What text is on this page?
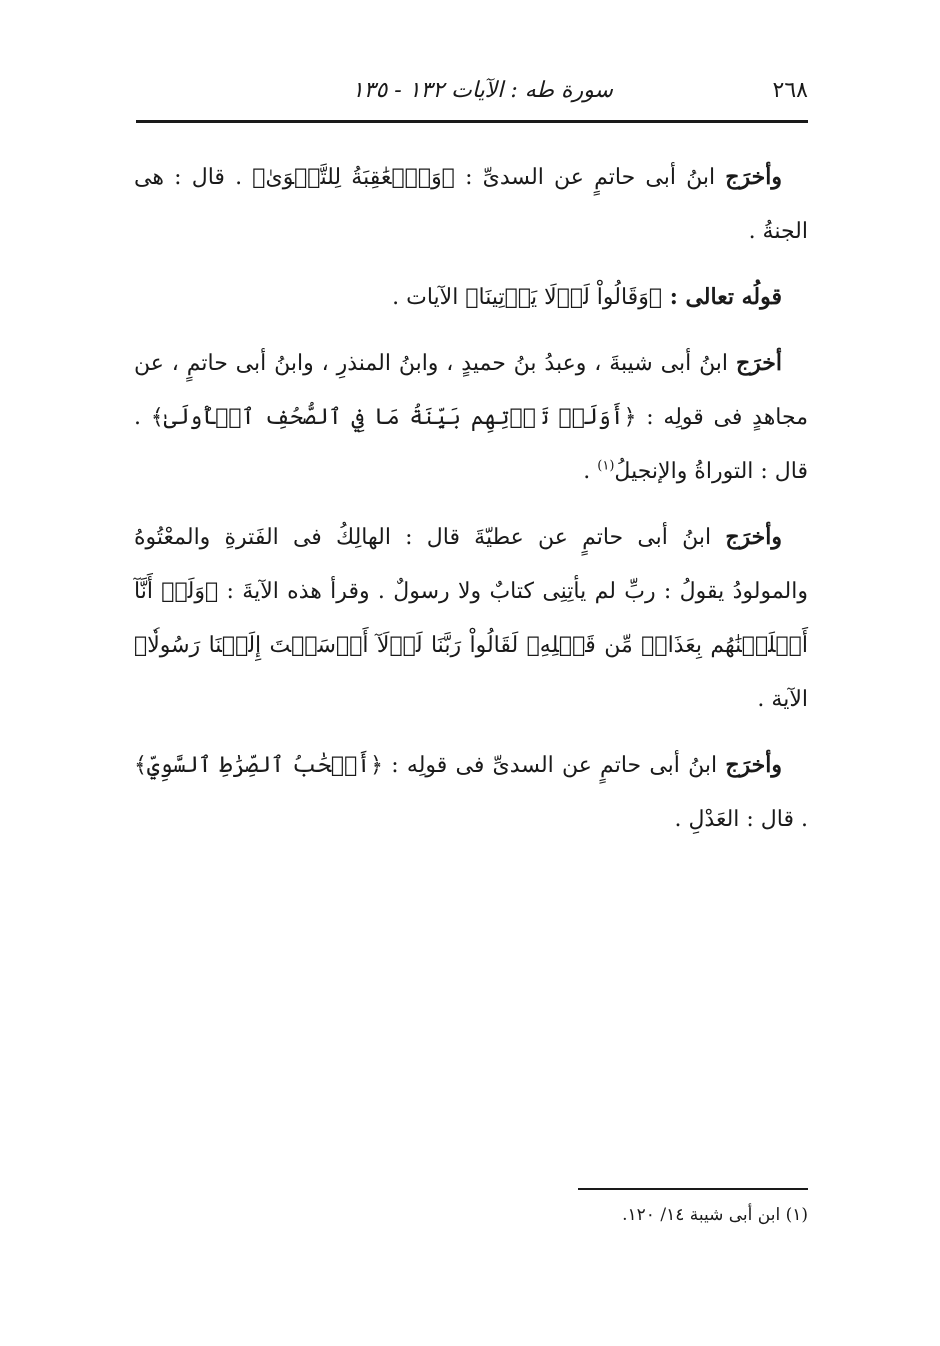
٢٦٨
سورة طه : الآيات ١٣٢ - ١٣٥

وأخرَج ابنُ أبى حاتمٍ عن السدىِّ : ﴿وَٱلۡعَٰقِبَةُ لِلتَّقۡوَىٰ﴾ . قال : هى الجنةُ .

قولُه تعالى : ﴿وَقَالُواْ لَوۡلَا يَأۡتِينَا﴾ الآيات .

أخرَج ابنُ أبى شيبةَ ، وعبدُ بنُ حميدٍ ، وابنُ المنذرِ ، وابنُ أبى حاتمٍ ، عن مجاهدٍ فى قولِه : ﴿أَوَلَمۡ تَأۡتِهِم بَيِّنَةُ مَا فِي ٱلصُّحُفِ ٱلۡأُولَىٰ﴾ . قال : التوراةُ والإنجيلُ$^{(١)}$ .

وأخرَج ابنُ أبى حاتمٍ عن عطيّةَ قال : الهالِكُ فى الفَترةِ والمعْتُوهُ والمولودُ يقولُ : ربِّ لم يأتِنِى كتابٌ ولا رسولٌ . وقرأ هذه الآيةَ : ﴿وَلَوۡ أَنَّآ أَهۡلَكۡنَٰهُم بِعَذَابٖ مِّن قَبۡلِهِۦ لَقَالُواْ رَبَّنَا لَوۡلَآ أَرۡسَلۡتَ إِلَيۡنَا رَسُولٗا﴾ الآية .

وأخرَج ابنُ أبى حاتمٍ عن السدىِّ فى قولِه : ﴿أَصۡحَٰبُ ٱلصِّرَٰطِ ٱلسَّوِيِّ﴾ . قال : العَدْلِ .

(١) ابن أبى شيبة ١٤/ ١٢٠.
